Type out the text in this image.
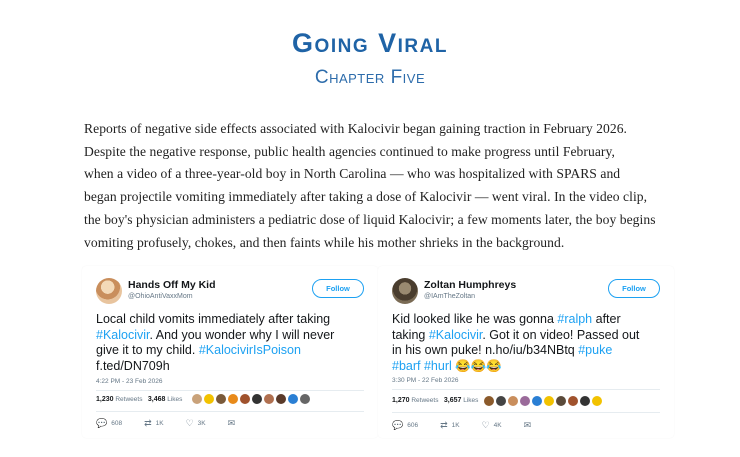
Going Viral
Chapter Five
Reports of negative side effects associated with Kalocivir began gaining traction in February 2026.
Despite the negative response, public health agencies continued to make progress until February,
when a video of a three-year-old boy in North Carolina — who was hospitalized with SPARS and
began projectile vomiting immediately after taking a dose of Kalocivir — went viral. In the video clip,
the boy's physician administers a pediatric dose of liquid Kalocivir; a few moments later, the boy begins
vomiting profusely, chokes, and then faints while his mother shrieks in the background.
Hands Off My Kid
@OhioAntiVaxxMom
Follow
Local child vomits immediately after taking
#Kalocivir. And you wonder why I will never
give it to my child. #KalocivirIsPoison
f.ted/DN709h
4:22 PM - 23 Feb 2026
1,230 Retweets 3,468 Likes
💬 608 ⇄ 1K ♡ 3K ✉
Zoltan Humphreys
@IAmTheZoltan
Follow
Kid looked like he was gonna #ralph after
taking #Kalocivir. Got it on video! Passed out
in his own puke! n.ho/iu/b34NBtq #puke
#barf #hurl 😂😂😂
3:30 PM - 22 Feb 2026
1,270 Retweets 3,657 Likes
💬 606 ⇄ 1K ♡ 4K ✉
